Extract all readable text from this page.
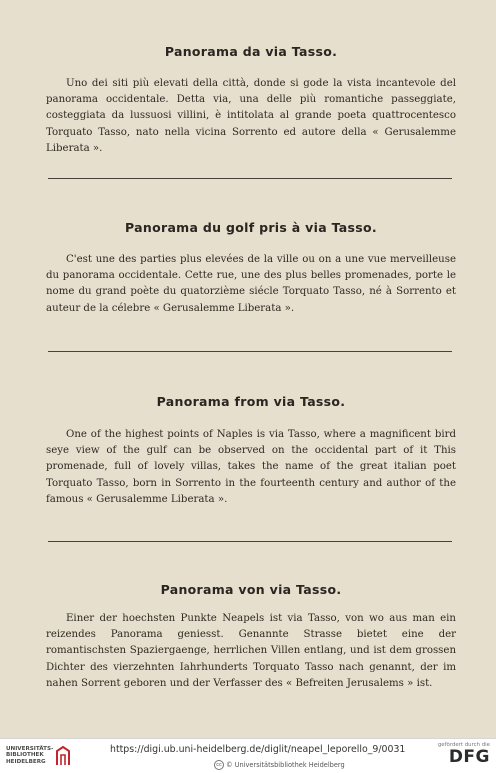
Panorama da via Tasso.

Uno dei siti più elevati della città, donde si gode la vista incantevole del panorama occidentale. Detta via, una delle più romantiche passeggiate, costeggiata da lussuosi villini, è intitolata al grande poeta quattrocentesco Torquato Tasso, nato nella vicina Sorrento ed autore della « Gerusalemme Liberata ».

Panorama du golf pris à via Tasso.

C'est une des parties plus elevées de la ville ou on a une vue merveilleuse du panorama occidentale. Cette rue, une des plus belles promenades, porte le nome du grand poète du quatorzième siécle Torquato Tasso, né à Sorrento et auteur de la célebre « Gerusalemme Liberata ».

Panorama from via Tasso.

One of the highest points of Naples is via Tasso, where a magnificent bird seye view of the gulf can be observed on the occidental part of it This promenade, full of lovely villas, takes the name of the great italian poet Torquato Tasso, born in Sorrento in the fourteenth century and author of the famous « Gerusalemme Liberata ».

Panorama von via Tasso.

Einer der hoechsten Punkte Neapels ist via Tasso, von wo aus man ein reizendes Panorama geniesst. Genannte Strasse bietet eine der romantischsten Spaziergaenge, herrlichen Villen entlang, und ist dem grossen Dichter des vierzehnten Iahrhunderts Torquato Tasso nach genannt, der im nahen Sorrent geboren und der Verfasser des « Befreiten Jerusalems » ist.

UNIVERSITÄTS-BIBLIOTHEK HEIDELBERG
https://digi.ub.uni-heidelberg.de/diglit/neapel_leporello_9/0031
cc © Universitätsbibliothek Heidelberg
gefördert durch die
DFG
